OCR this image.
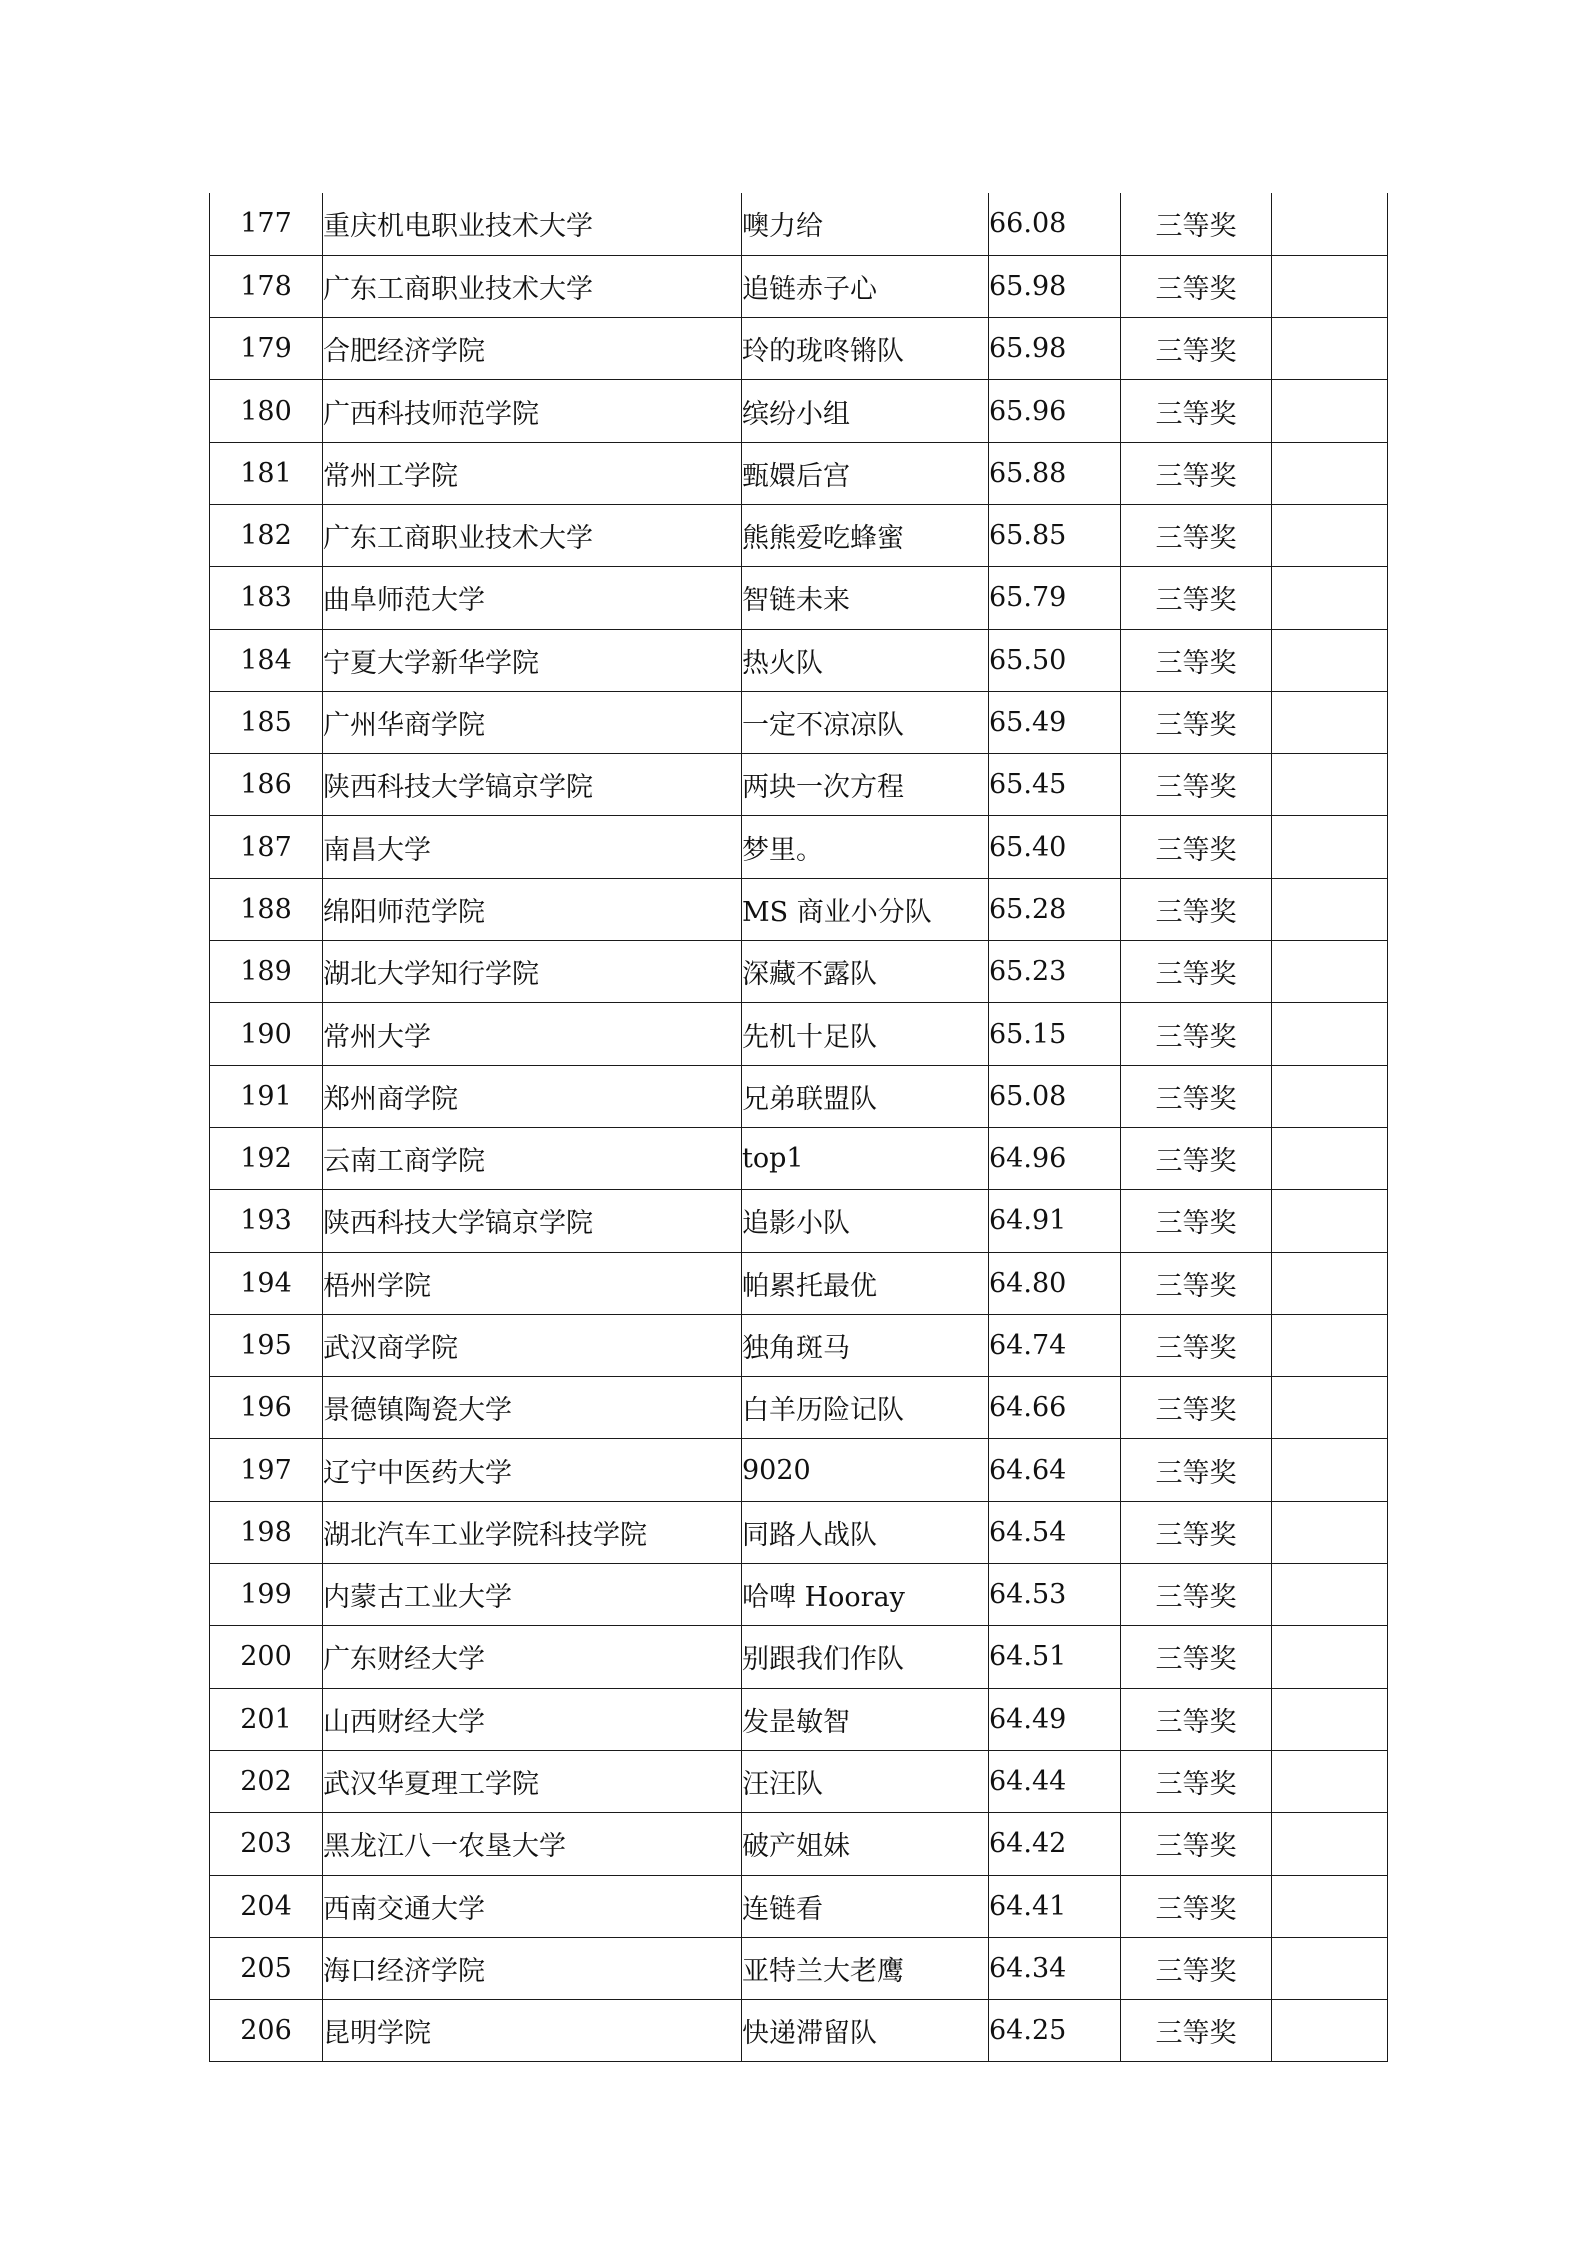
177	重庆机电职业技术大学	噢力给	66.08	三等奖	
178	广东工商职业技术大学	追链赤子心	65.98	三等奖	
179	合肥经济学院	玲的珑咚锵队	65.98	三等奖	
180	广西科技师范学院	缤纷小组	65.96	三等奖	
181	常州工学院	甄嬛后宫	65.88	三等奖	
182	广东工商职业技术大学	熊熊爱吃蜂蜜	65.85	三等奖	
183	曲阜师范大学	智链未来	65.79	三等奖	
184	宁夏大学新华学院	热火队	65.50	三等奖	
185	广州华商学院	一定不凉凉队	65.49	三等奖	
186	陕西科技大学镐京学院	两块一次方程	65.45	三等奖	
187	南昌大学	梦里。	65.40	三等奖	
188	绵阳师范学院	MS 商业小分队	65.28	三等奖	
189	湖北大学知行学院	深藏不露队	65.23	三等奖	
190	常州大学	先机十足队	65.15	三等奖	
191	郑州商学院	兄弟联盟队	65.08	三等奖	
192	云南工商学院	top1	64.96	三等奖	
193	陕西科技大学镐京学院	追影小队	64.91	三等奖	
194	梧州学院	帕累托最优	64.80	三等奖	
195	武汉商学院	独角斑马	64.74	三等奖	
196	景德镇陶瓷大学	白羊历险记队	64.66	三等奖	
197	辽宁中医药大学	9020	64.64	三等奖	
198	湖北汽车工业学院科技学院	同路人战队	64.54	三等奖	
199	内蒙古工业大学	哈啤 Hooray	64.53	三等奖	
200	广东财经大学	别跟我们作队	64.51	三等奖	
201	山西财经大学	发昰敏智	64.49	三等奖	
202	武汉华夏理工学院	汪汪队	64.44	三等奖	
203	黑龙江八一农垦大学	破产姐妹	64.42	三等奖	
204	西南交通大学	连链看	64.41	三等奖	
205	海口经济学院	亚特兰大老鹰	64.34	三等奖	
206	昆明学院	快递滞留队	64.25	三等奖	
